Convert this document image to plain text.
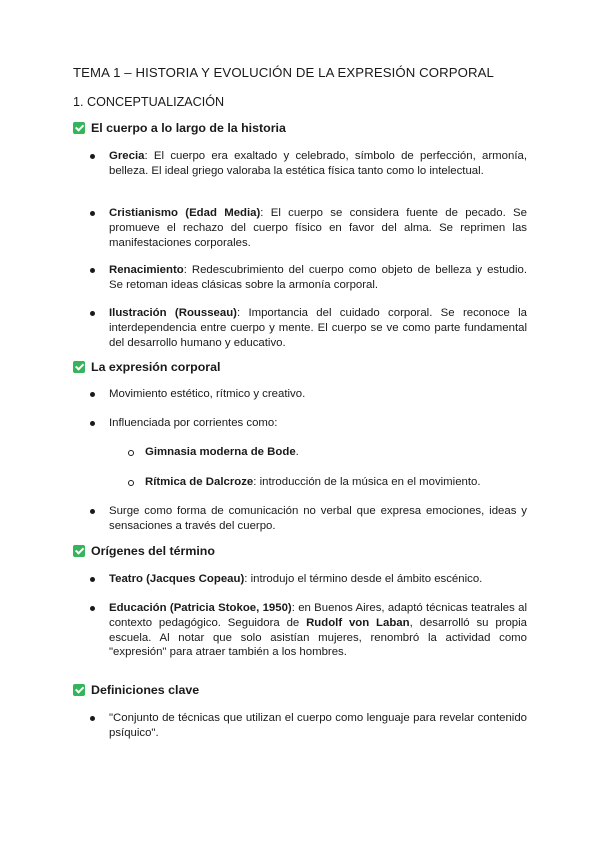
TEMA 1 – HISTORIA Y EVOLUCIÓN DE LA EXPRESIÓN CORPORAL
1. CONCEPTUALIZACIÓN
El cuerpo a lo largo de la historia
Grecia: El cuerpo era exaltado y celebrado, símbolo de perfección, armonía, belleza. El ideal griego valoraba la estética física tanto como lo intelectual.
Cristianismo (Edad Media): El cuerpo se considera fuente de pecado. Se promueve el rechazo del cuerpo físico en favor del alma. Se reprimen las manifestaciones corporales.
Renacimiento: Redescubrimiento del cuerpo como objeto de belleza y estudio. Se retoman ideas clásicas sobre la armonía corporal.
Ilustración (Rousseau): Importancia del cuidado corporal. Se reconoce la interdependencia entre cuerpo y mente. El cuerpo se ve como parte fundamental del desarrollo humano y educativo.
La expresión corporal
Movimiento estético, rítmico y creativo.
Influenciada por corrientes como:
Gimnasia moderna de Bode.
Rítmica de Dalcroze: introducción de la música en el movimiento.
Surge como forma de comunicación no verbal que expresa emociones, ideas y sensaciones a través del cuerpo.
Orígenes del término
Teatro (Jacques Copeau): introdujo el término desde el ámbito escénico.
Educación (Patricia Stokoe, 1950): en Buenos Aires, adaptó técnicas teatrales al contexto pedagógico. Seguidora de Rudolf von Laban, desarrolló su propia escuela. Al notar que solo asistían mujeres, renombró la actividad como "expresión" para atraer también a los hombres.
Definiciones clave
"Conjunto de técnicas que utilizan el cuerpo como lenguaje para revelar contenido psíquico".
